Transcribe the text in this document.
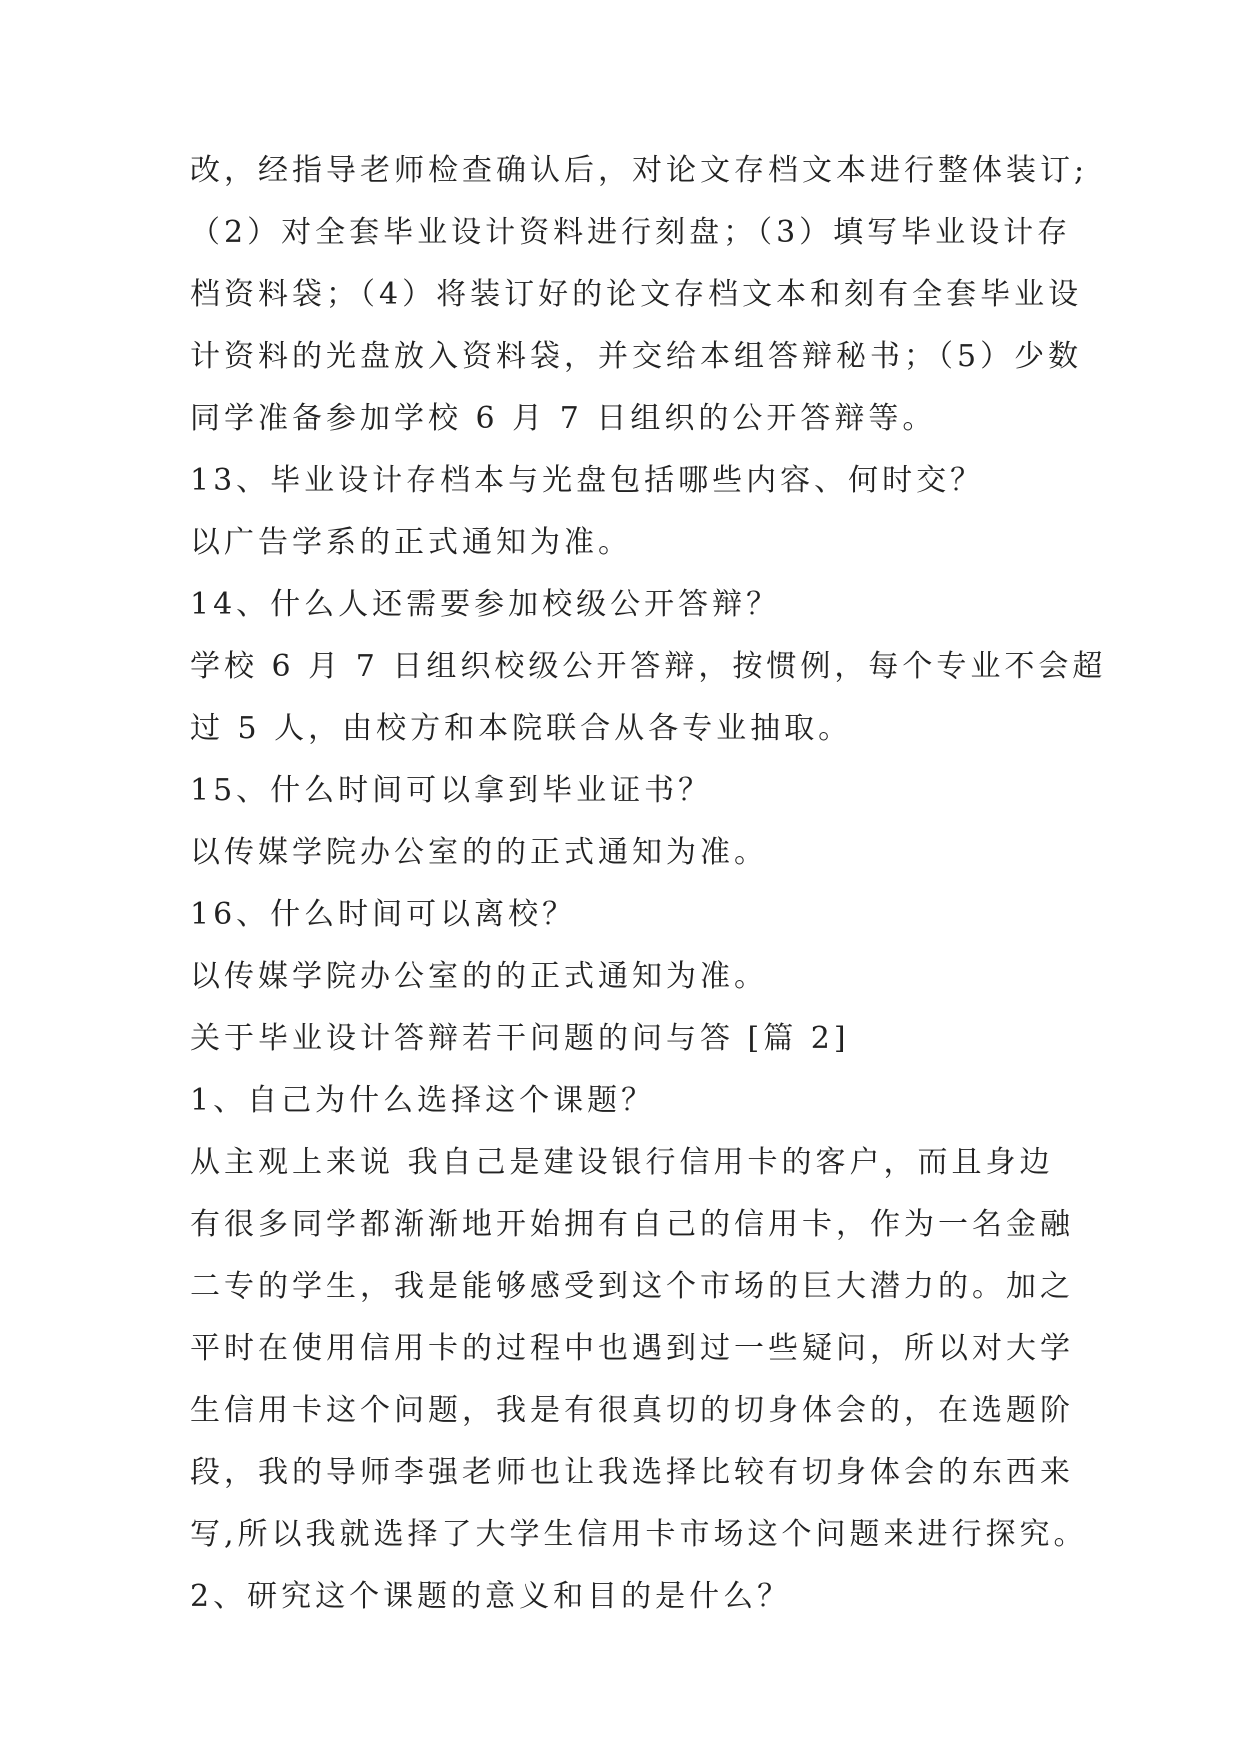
改，经指导老师检查确认后，对论文存档文本进行整体装订;
（2）对全套毕业设计资料进行刻盘；（3）填写毕业设计存
档资料袋；（4）将装订好的论文存档文本和刻有全套毕业设
计资料的光盘放入资料袋，并交给本组答辩秘书；（5）少数
同学准备参加学校 6 月 7 日组织的公开答辩等。
13、毕业设计存档本与光盘包括哪些内容、何时交？
以广告学系的正式通知为准。
14、什么人还需要参加校级公开答辩？
学校 6 月 7 日组织校级公开答辩，按惯例，每个专业不会超
过 5 人，由校方和本院联合从各专业抽取。
15、什么时间可以拿到毕业证书？
以传媒学院办公室的的正式通知为准。
16、什么时间可以离校？
以传媒学院办公室的的正式通知为准。
关于毕业设计答辩若干问题的问与答 [篇 2]
1、自己为什么选择这个课题？
从主观上来说 我自己是建设银行信用卡的客户，而且身边
有很多同学都渐渐地开始拥有自己的信用卡，作为一名金融
二专的学生，我是能够感受到这个市场的巨大潜力的。加之
平时在使用信用卡的过程中也遇到过一些疑问，所以对大学
生信用卡这个问题，我是有很真切的切身体会的，在选题阶
段，我的导师李强老师也让我选择比较有切身体会的东西来
写,所以我就选择了大学生信用卡市场这个问题来进行探究。
2、研究这个课题的意义和目的是什么？
